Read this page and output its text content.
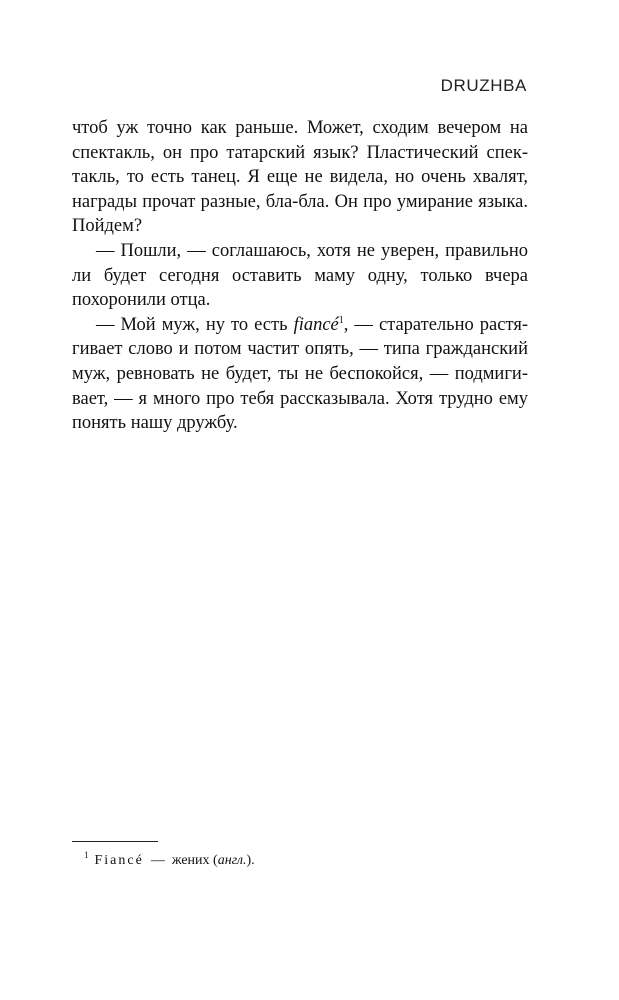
DRUZHBA

чтоб уж точно как раньше. Может, сходим вечером на спектакль, он про татарский язык? Пластический спектакль, то есть танец. Я еще не видела, но очень хвалят, награды прочат разные, бла-бла. Он про умирание языка. Пойдем?

— Пошли, — соглашаюсь, хотя не уверен, правильно ли будет сегодня оставить маму одну, только вчера похоронили отца.

— Мой муж, ну то есть fiancé$^1$, — старательно растягивает слово и потом частит опять, — типа гражданский муж, ревновать не будет, ты не беспокойся, — подмигивает, — я много про тебя рассказывала. Хотя трудно ему понять нашу дружбу.

$^1$ Fiancé — жених (англ.).
